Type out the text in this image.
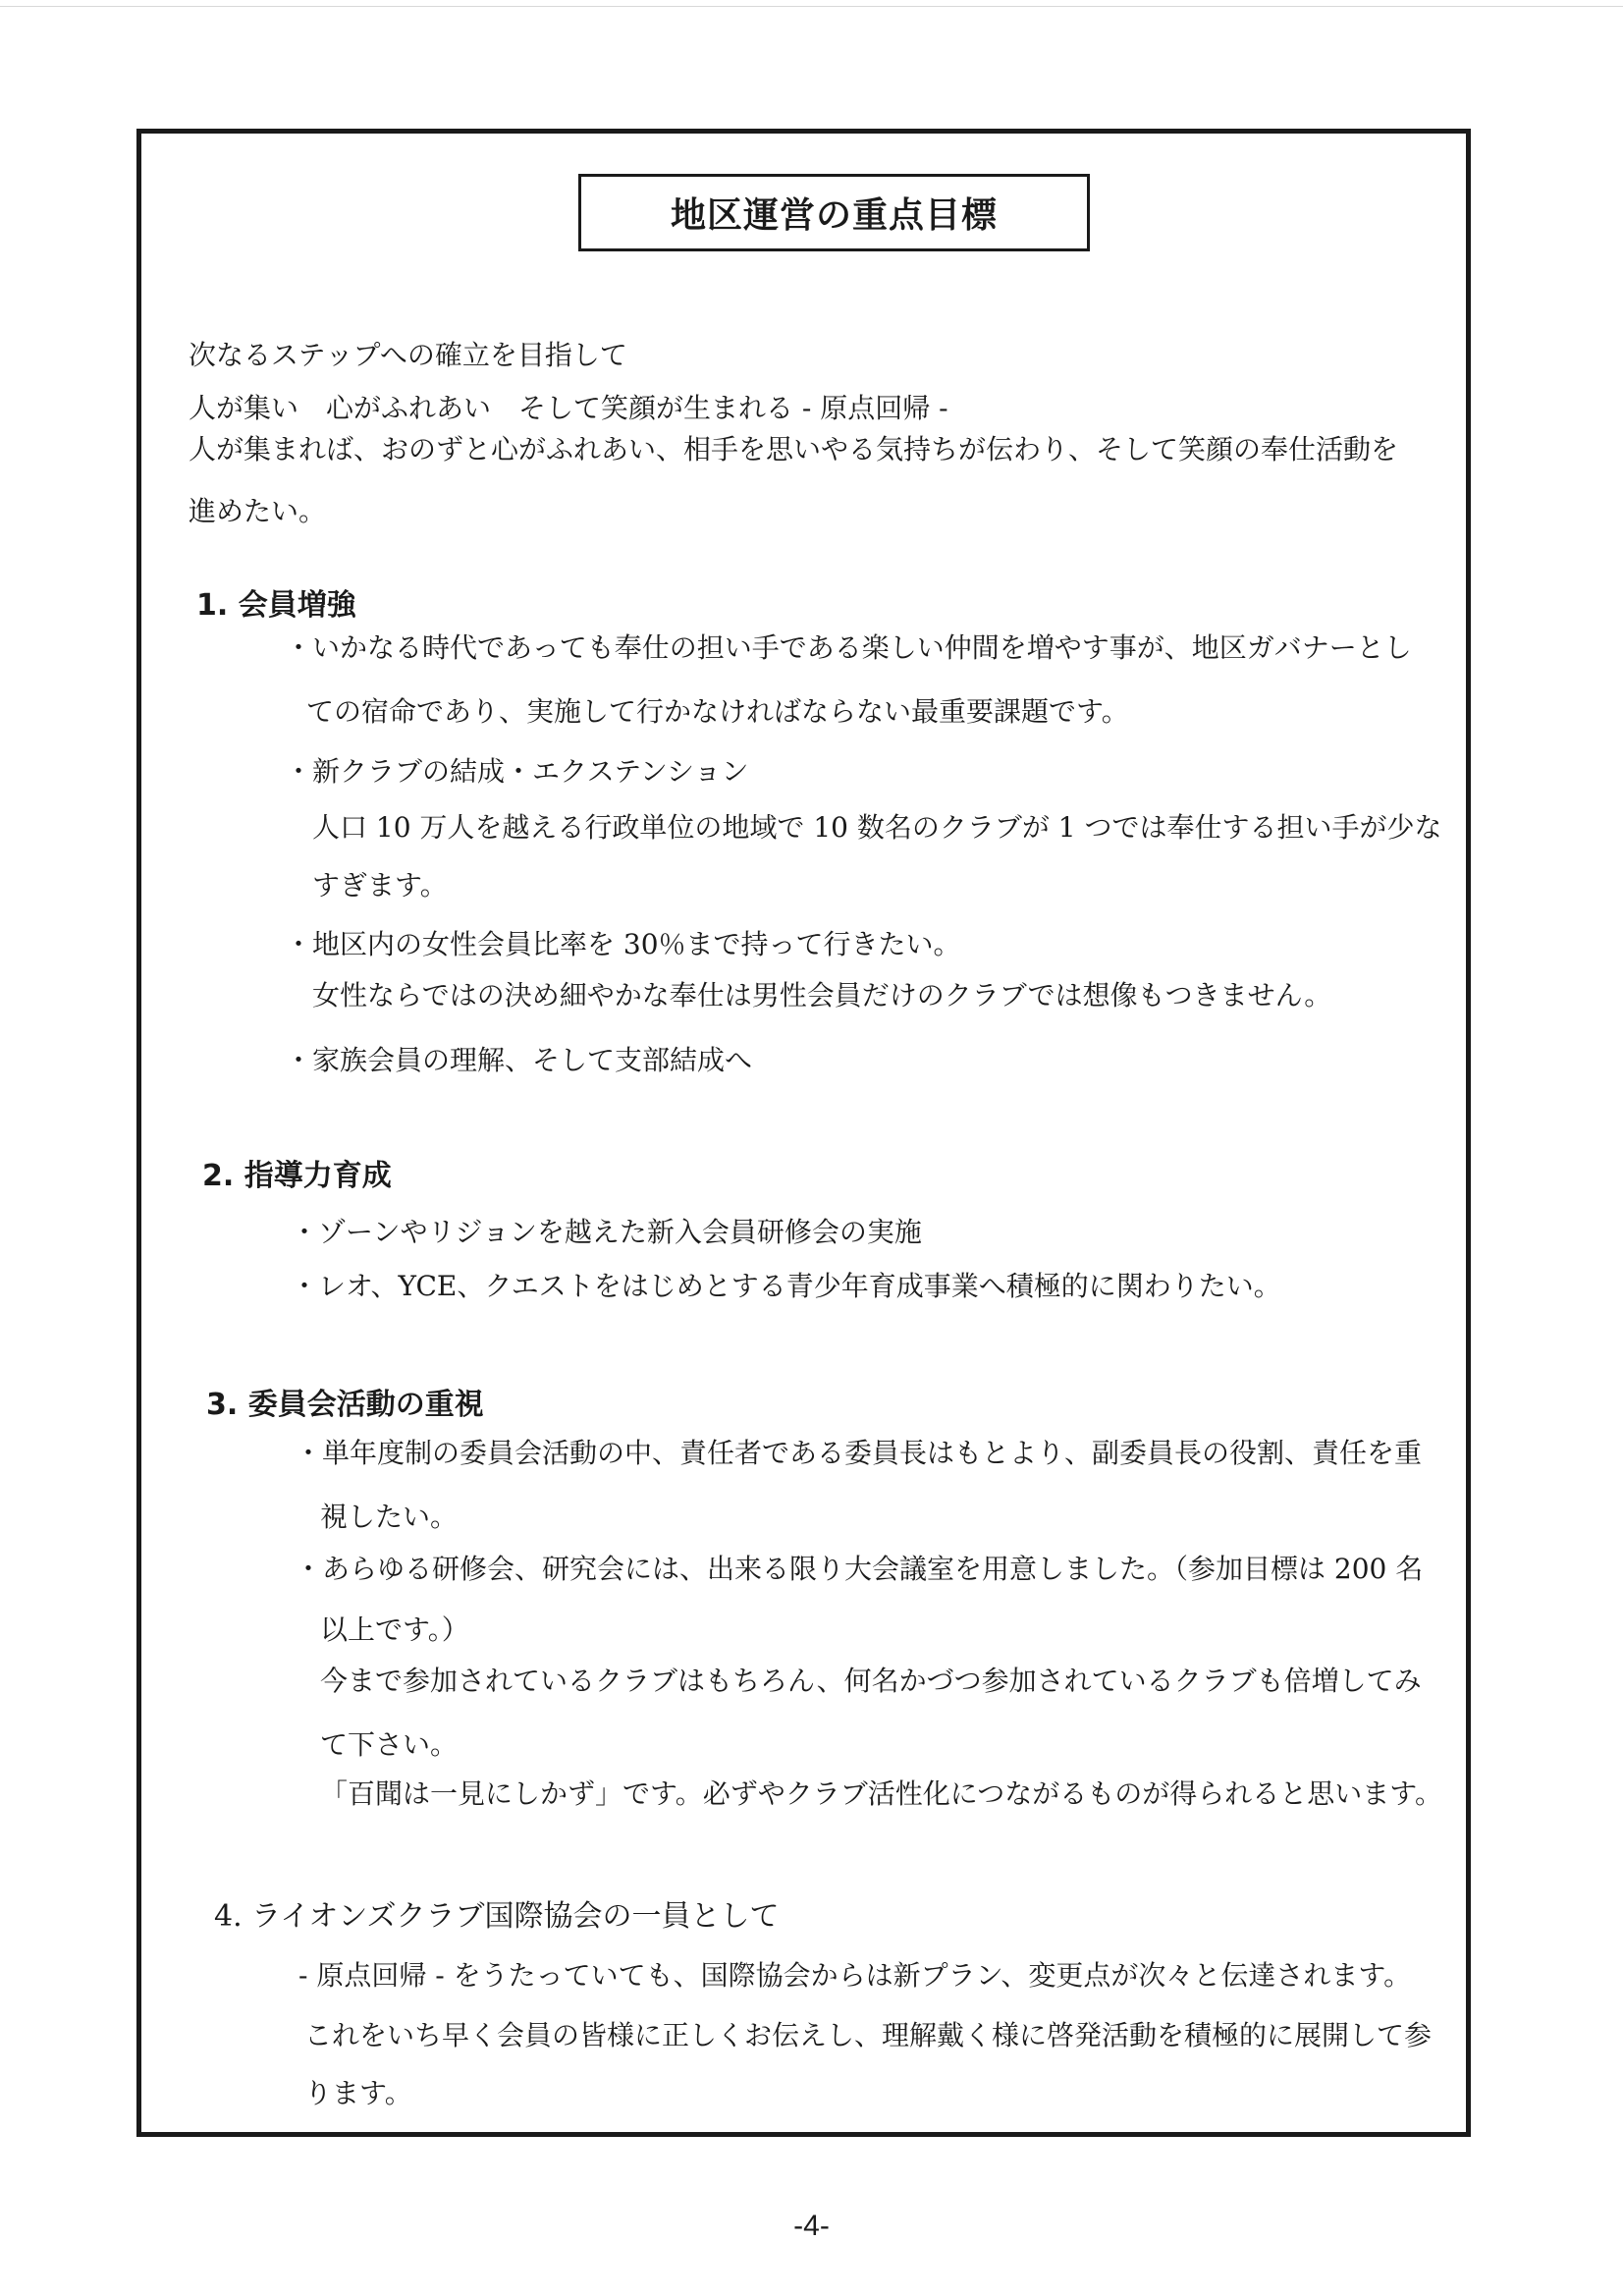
地区運営の重点目標
次なるステップへの確立を目指して
人が集い　心がふれあい　そして笑顔が生まれる - 原点回帰 -
人が集まれば、おのずと心がふれあい、相手を思いやる気持ちが伝わり、そして笑顔の奉仕活動を
進めたい。
1. 会員増強
・いかなる時代であっても奉仕の担い手である楽しい仲間を増やす事が、地区ガバナーとし
ての宿命であり、実施して行かなければならない最重要課題です。
・新クラブの結成・エクステンション
人口 10 万人を越える行政単位の地域で 10 数名のクラブが 1 つでは奉仕する担い手が少な
すぎます。
・地区内の女性会員比率を 30％まで持って行きたい。
女性ならではの決め細やかな奉仕は男性会員だけのクラブでは想像もつきません。
・家族会員の理解、そして支部結成へ
2. 指導力育成
・ゾーンやリジョンを越えた新入会員研修会の実施
・レオ、YCE、クエストをはじめとする青少年育成事業へ積極的に関わりたい。
3. 委員会活動の重視
・単年度制の委員会活動の中、責任者である委員長はもとより、副委員長の役割、責任を重
視したい。
・あらゆる研修会、研究会には、出来る限り大会議室を用意しました。（参加目標は 200 名
以上です。）
今まで参加されているクラブはもちろん、何名かづつ参加されているクラブも倍増してみ
て下さい。
「百聞は一見にしかず」です。必ずやクラブ活性化につながるものが得られると思います。
4. ライオンズクラブ国際協会の一員として
- 原点回帰 - をうたっていても、国際協会からは新プラン、変更点が次々と伝達されます。
これをいち早く会員の皆様に正しくお伝えし、理解戴く様に啓発活動を積極的に展開して参
ります。
-4-
